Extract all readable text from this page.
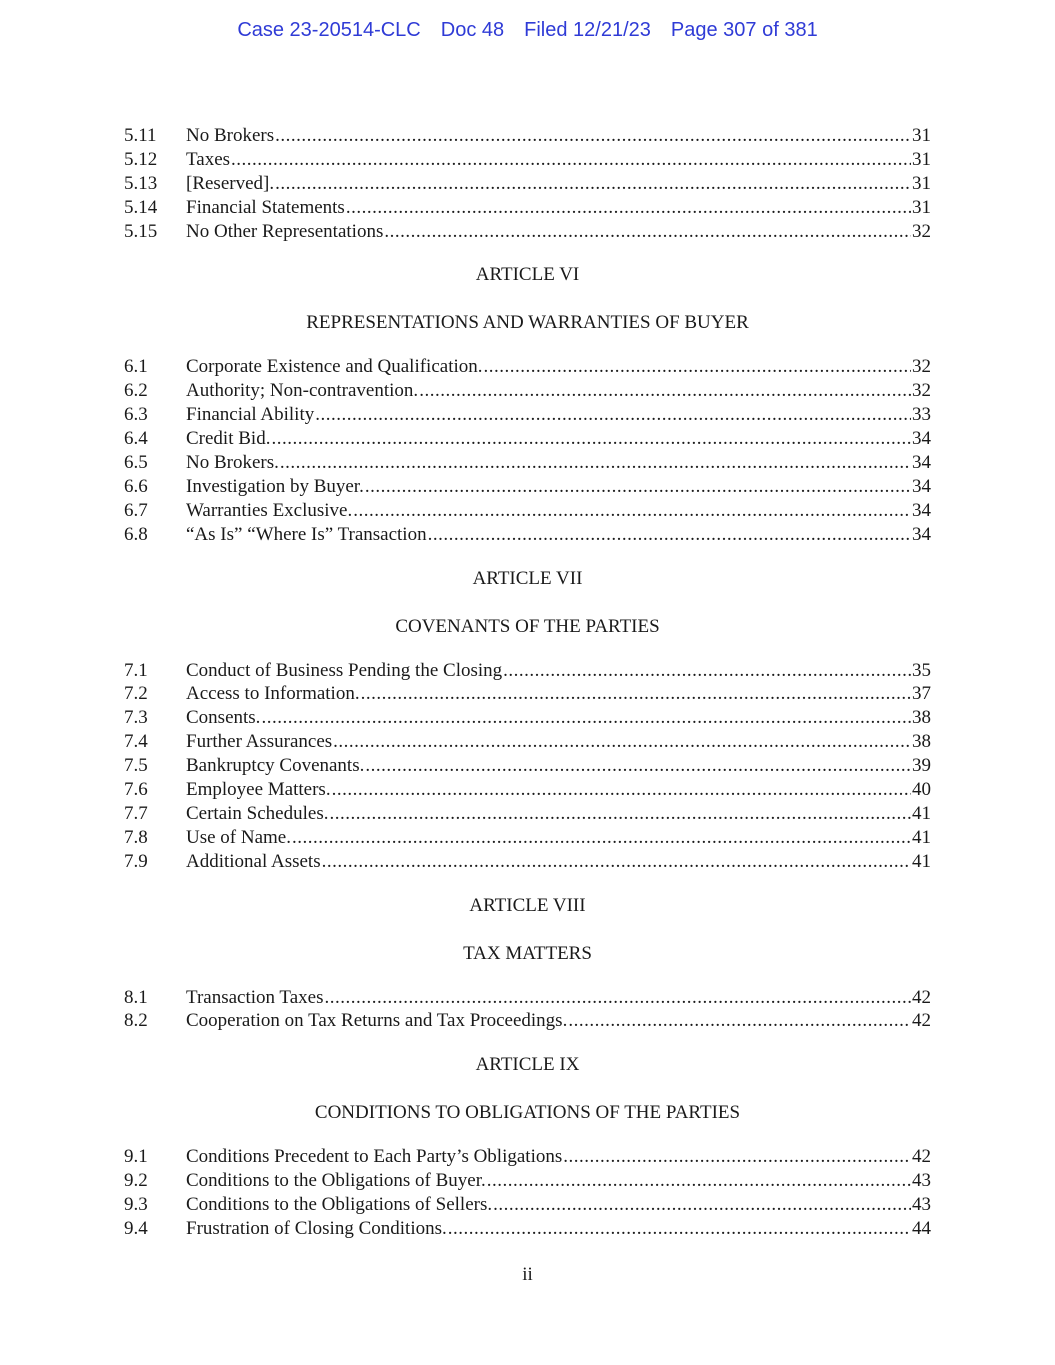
Case 23-20514-CLC Doc 48 Filed 12/21/23 Page 307 of 381
5.11	No Brokers .....	31
5.12	Taxes .....	31
5.13	[Reserved]. .....	31
5.14	Financial Statements .....	31
5.15	No Other Representations .....	32
ARTICLE VI
REPRESENTATIONS AND WARRANTIES OF BUYER
6.1	Corporate Existence and Qualification. .....	32
6.2	Authority; Non-contravention. .....	32
6.3	Financial Ability .....	33
6.4	Credit Bid. .....	34
6.5	No Brokers. .....	34
6.6	Investigation by Buyer. .....	34
6.7	Warranties Exclusive. .....	34
6.8	“As Is” “Where Is” Transaction .....	34
ARTICLE VII
COVENANTS OF THE PARTIES
7.1	Conduct of Business Pending the Closing .....	35
7.2	Access to Information. .....	37
7.3	Consents. .....	38
7.4	Further Assurances .....	38
7.5	Bankruptcy Covenants. .....	39
7.6	Employee Matters. .....	40
7.7	Certain Schedules. .....	41
7.8	Use of Name. .....	41
7.9	Additional Assets .....	41
ARTICLE VIII
TAX MATTERS
8.1	Transaction Taxes .....	42
8.2	Cooperation on Tax Returns and Tax Proceedings. .....	42
ARTICLE IX
CONDITIONS TO OBLIGATIONS OF THE PARTIES
9.1	Conditions Precedent to Each Party’s Obligations .....	42
9.2	Conditions to the Obligations of Buyer. .....	43
9.3	Conditions to the Obligations of Sellers. .....	43
9.4	Frustration of Closing Conditions. .....	44
ii
